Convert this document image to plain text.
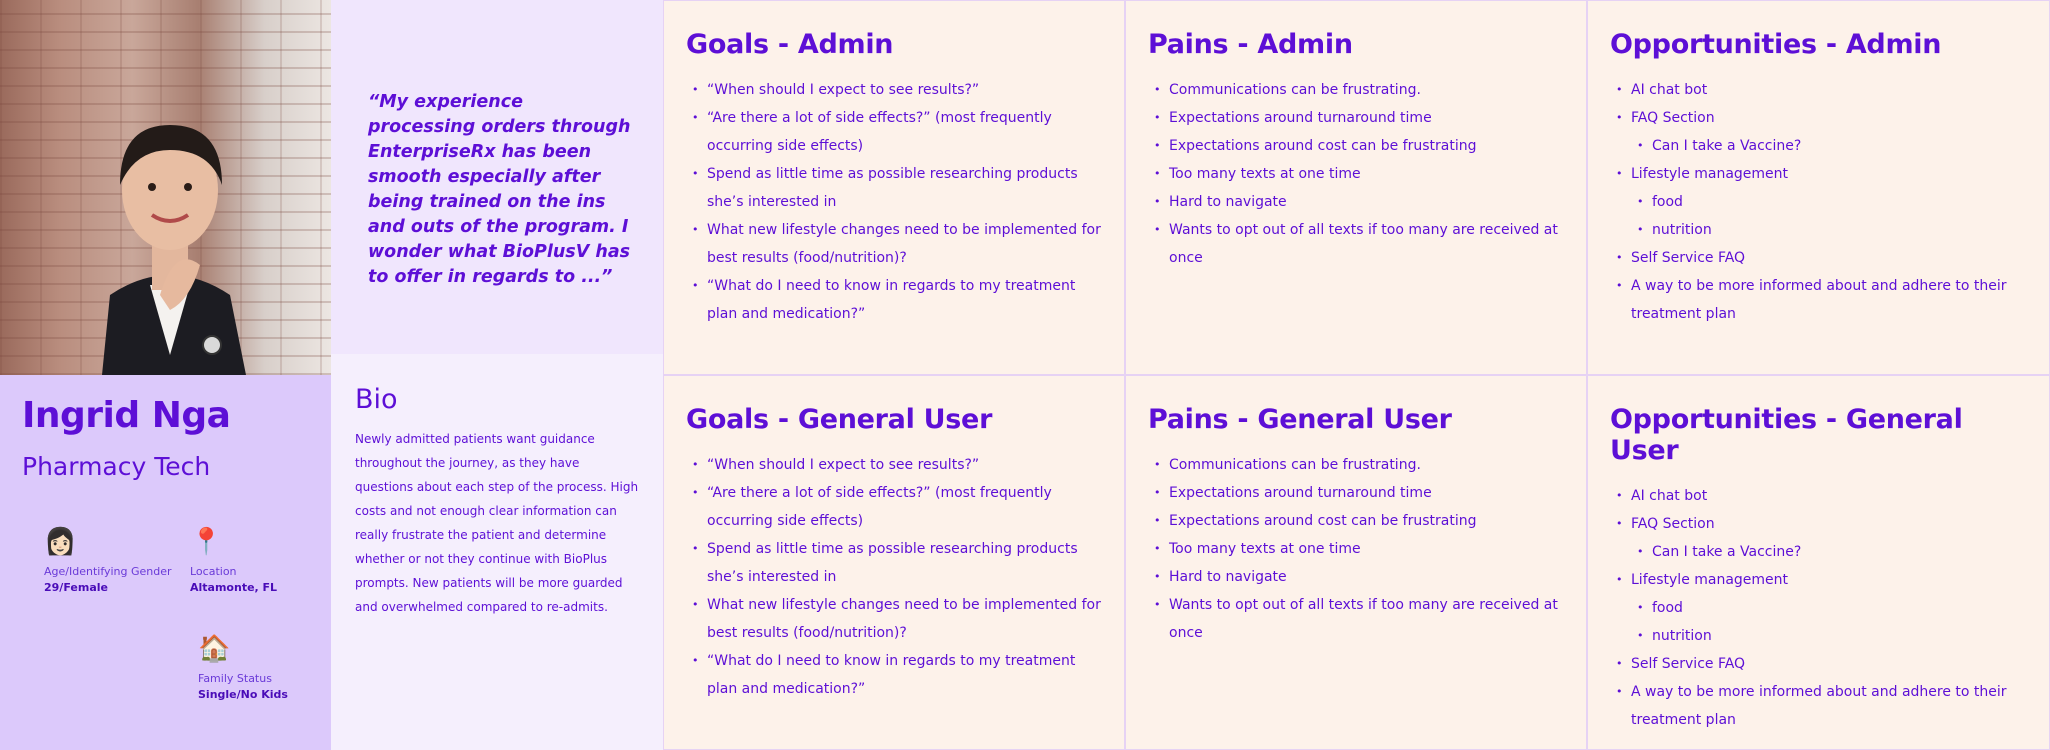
Ingrid Nga
Pharmacy Tech
👩🏻
Age/Identifying Gender
29/Female
📍
Location
Altamonte, FL
🏠
Family Status
Single/No Kids
“My experience processing orders through EnterpriseRx has been smooth especially after being trained on the ins and outs of the program. I wonder what BioPlusV has to offer in regards to ...”
Bio
Newly admitted patients want guidance throughout the journey, as they have questions about each step of the process. High costs and not enough clear information can really frustrate the patient and determine whether or not they continue with BioPlus prompts. New patients will be more guarded and overwhelmed compared to re-admits.
Goals - Admin
• “When should I expect to see results?”
• “Are there a lot of side effects?” (most frequently occurring side effects)
• Spend as little time as possible researching products she’s interested in
• What new lifestyle changes need to be implemented for best results (food/nutrition)?
• “What do I need to know in regards to my treatment plan and medication?”
Pains - Admin
• Communications can be frustrating.
• Expectations around turnaround time
• Expectations around cost can be frustrating
• Too many texts at one time
• Hard to navigate
• Wants to opt out of all texts if too many are received at once
Opportunities - Admin
• AI chat bot
• FAQ Section
• Can I take a Vaccine?
• Lifestyle management
• food
• nutrition
• Self Service FAQ
• A way to be more informed about and adhere to their treatment plan
Goals - General User
• “When should I expect to see results?”
• “Are there a lot of side effects?” (most frequently occurring side effects)
• Spend as little time as possible researching products she’s interested in
• What new lifestyle changes need to be implemented for best results (food/nutrition)?
• “What do I need to know in regards to my treatment plan and medication?”
Pains - General User
• Communications can be frustrating.
• Expectations around turnaround time
• Expectations around cost can be frustrating
• Too many texts at one time
• Hard to navigate
• Wants to opt out of all texts if too many are received at once
Opportunities - General User
• AI chat bot
• FAQ Section
• Can I take a Vaccine?
• Lifestyle management
• food
• nutrition
• Self Service FAQ
• A way to be more informed about and adhere to their treatment plan
